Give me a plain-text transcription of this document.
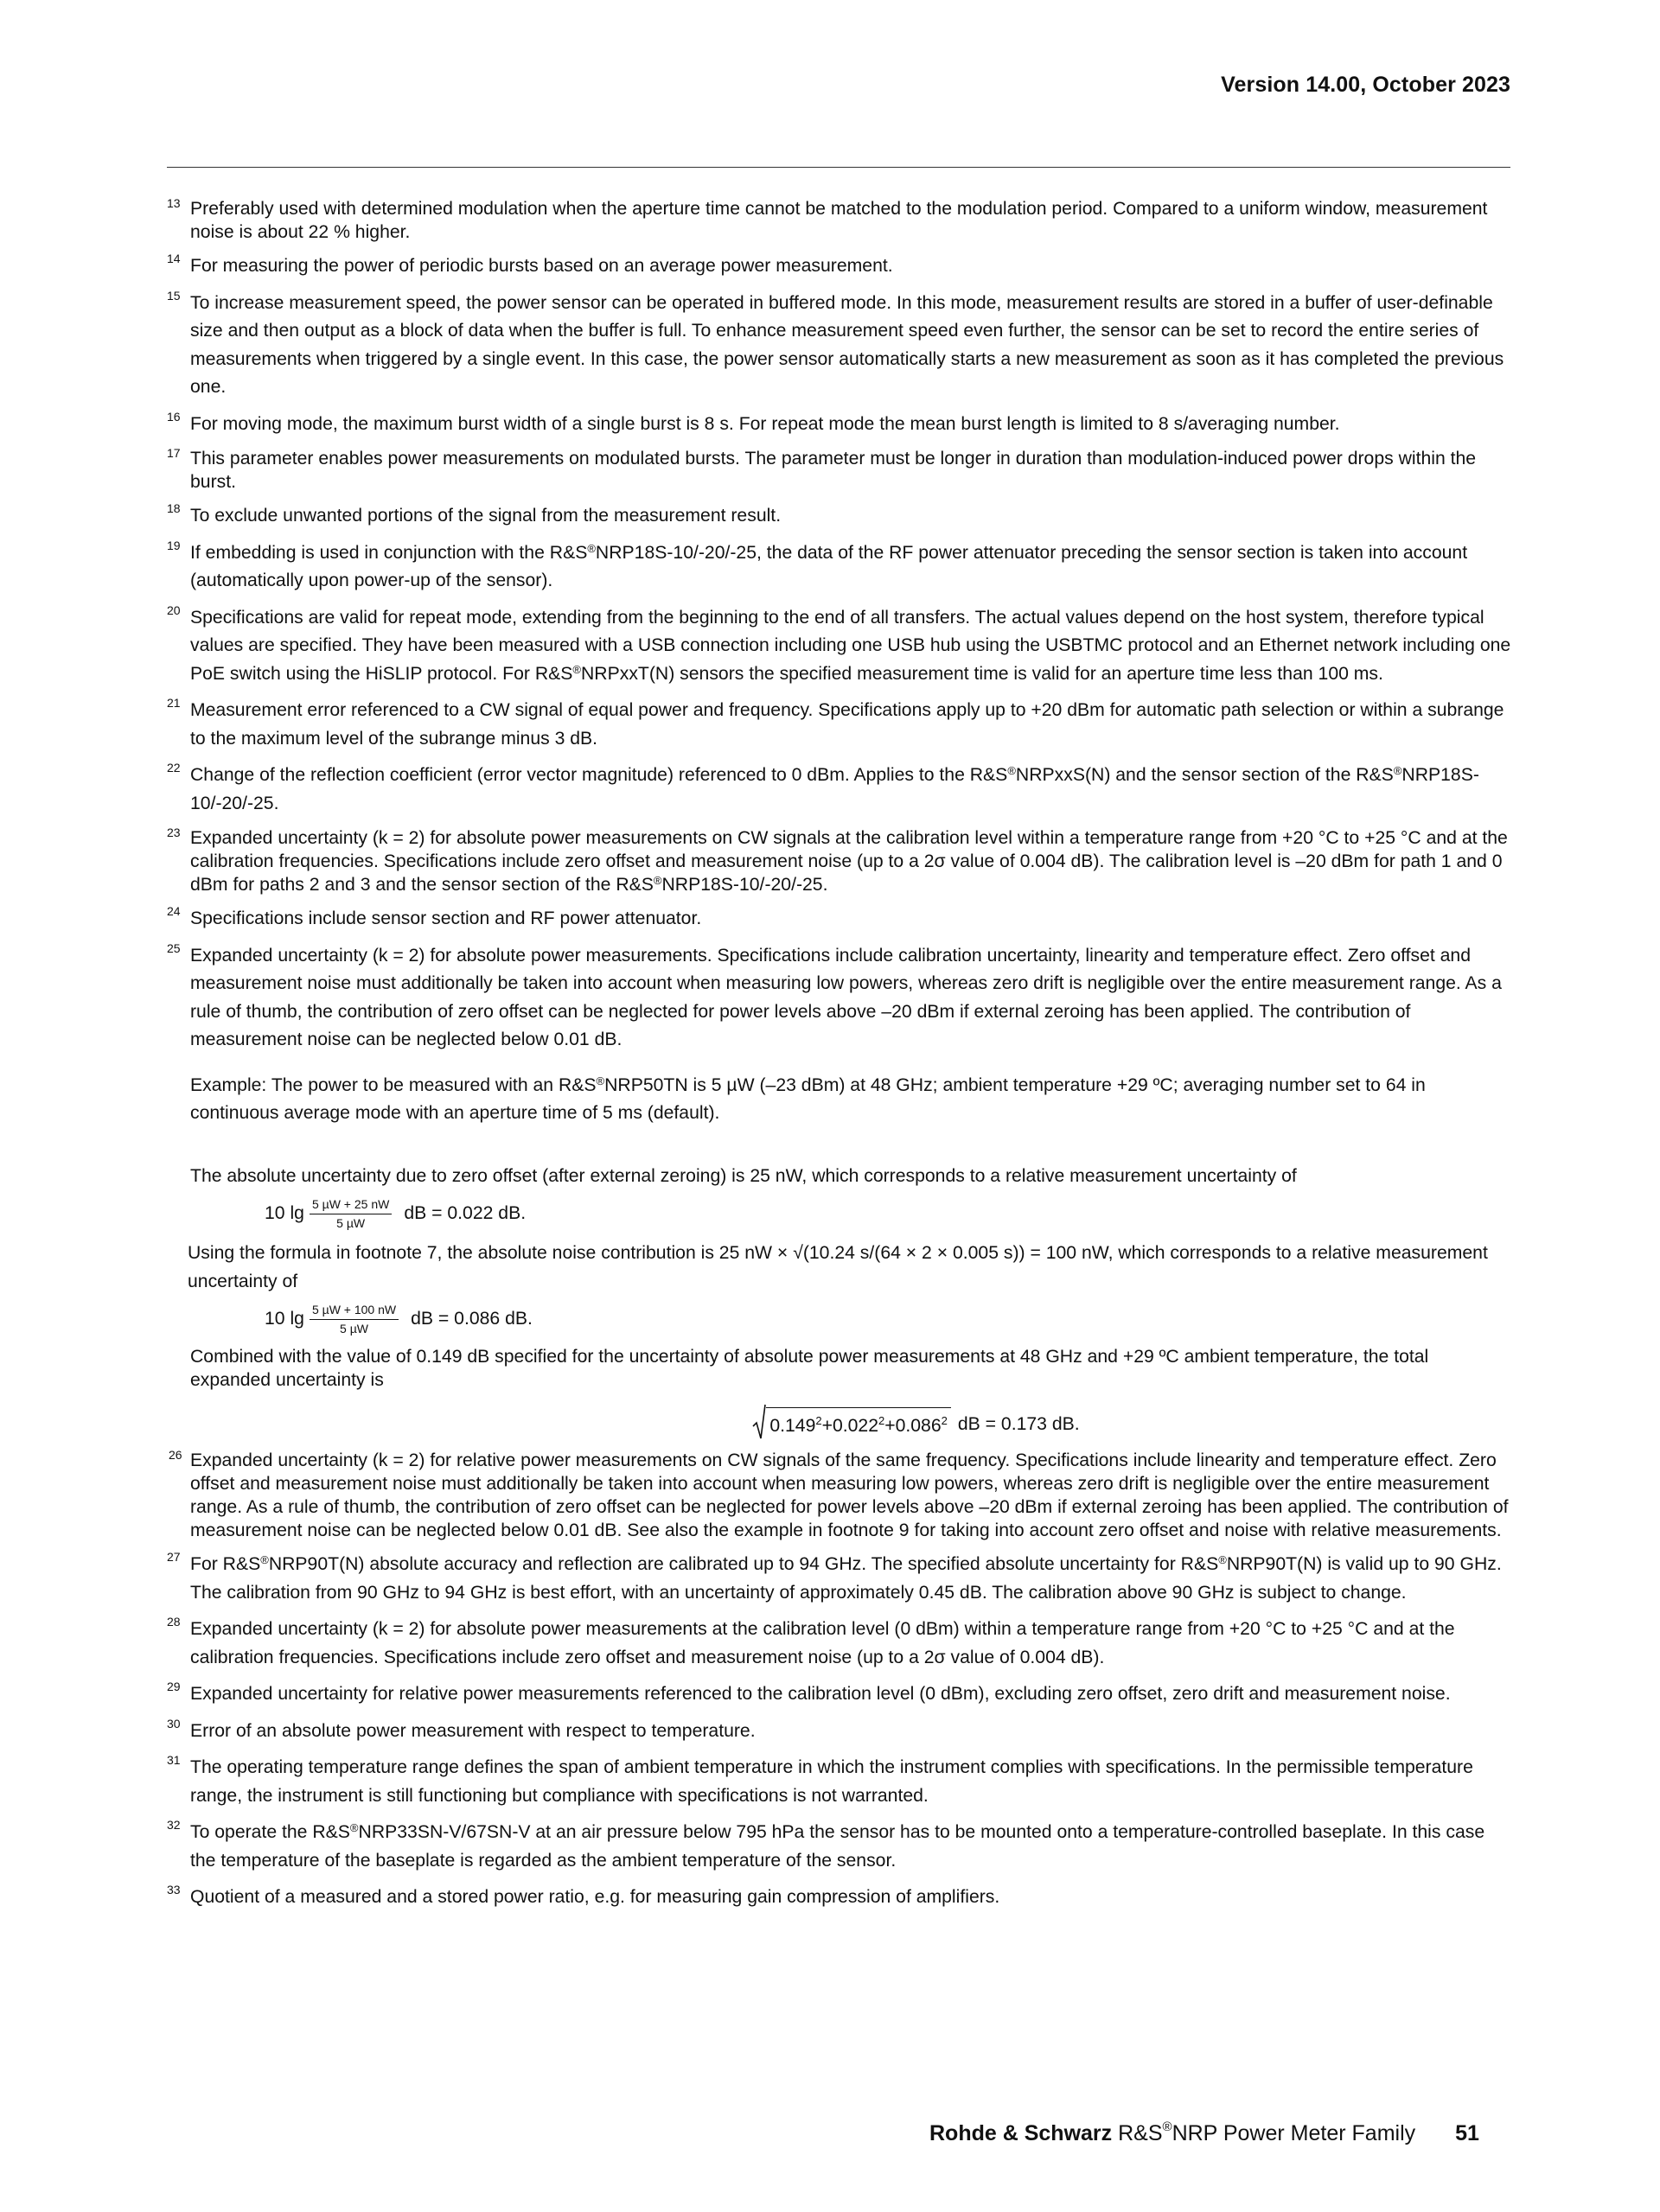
Version 14.00, October 2023
13 Preferably used with determined modulation when the aperture time cannot be matched to the modulation period. Compared to a uniform window, measurement noise is about 22 % higher.
14 For measuring the power of periodic bursts based on an average power measurement.
15 To increase measurement speed, the power sensor can be operated in buffered mode. In this mode, measurement results are stored in a buffer of user-definable size and then output as a block of data when the buffer is full. To enhance measurement speed even further, the sensor can be set to record the entire series of measurements when triggered by a single event. In this case, the power sensor automatically starts a new measurement as soon as it has completed the previous one.
16 For moving mode, the maximum burst width of a single burst is 8 s. For repeat mode the mean burst length is limited to 8 s/averaging number.
17 This parameter enables power measurements on modulated bursts. The parameter must be longer in duration than modulation-induced power drops within the burst.
18 To exclude unwanted portions of the signal from the measurement result.
19 If embedding is used in conjunction with the R&S®NRP18S-10/-20/-25, the data of the RF power attenuator preceding the sensor section is taken into account (automatically upon power-up of the sensor).
20 Specifications are valid for repeat mode, extending from the beginning to the end of all transfers. The actual values depend on the host system, therefore typical values are specified. They have been measured with a USB connection including one USB hub using the USBTMC protocol and an Ethernet network including one PoE switch using the HiSLIP protocol. For R&S®NRPxxT(N) sensors the specified measurement time is valid for an aperture time less than 100 ms.
21 Measurement error referenced to a CW signal of equal power and frequency. Specifications apply up to +20 dBm for automatic path selection or within a subrange to the maximum level of the subrange minus 3 dB.
22 Change of the reflection coefficient (error vector magnitude) referenced to 0 dBm. Applies to the R&S®NRPxxS(N) and the sensor section of the R&S®NRP18S-10/-20/-25.
23 Expanded uncertainty (k = 2) for absolute power measurements on CW signals at the calibration level within a temperature range from +20 °C to +25 °C and at the calibration frequencies. Specifications include zero offset and measurement noise (up to a 2σ value of 0.004 dB). The calibration level is –20 dBm for path 1 and 0 dBm for paths 2 and 3 and the sensor section of the R&S®NRP18S-10/-20/-25.
24 Specifications include sensor section and RF power attenuator.
25 Expanded uncertainty (k = 2) for absolute power measurements. Specifications include calibration uncertainty, linearity and temperature effect. Zero offset and measurement noise must additionally be taken into account when measuring low powers, whereas zero drift is negligible over the entire measurement range. As a rule of thumb, the contribution of zero offset can be neglected for power levels above –20 dBm if external zeroing has been applied. The contribution of measurement noise can be neglected below 0.01 dB.

Example: The power to be measured with an R&S®NRP50TN is 5 µW (–23 dBm) at 48 GHz; ambient temperature +29 ºC; averaging number set to 64 in continuous average mode with an aperture time of 5 ms (default).

The absolute uncertainty due to zero offset (after external zeroing) is 25 nW, which corresponds to a relative measurement uncertainty of

10 $\lg \frac{\text{5 µW + 25 nW}}{\text{5 µW}}$ dB = 0.022 dB.

Using the formula in footnote 7, the absolute noise contribution is 25 nW × √(10.24 s/(64 × 2 × 0.005 s)) = 100 nW, which corresponds to a relative measurement uncertainty of

10 $\lg \frac{\text{5 µW + 100 nW}}{\text{5 µW}}$ dB = 0.086 dB.

Combined with the value of 0.149 dB specified for the uncertainty of absolute power measurements at 48 GHz and +29 ºC ambient temperature, the total expanded uncertainty is

$0.149^2+0.022^2+0.086^2$ dB = 0.173 dB.
26 Expanded uncertainty (k = 2) for relative power measurements on CW signals of the same frequency. Specifications include linearity and temperature effect. Zero offset and measurement noise must additionally be taken into account when measuring low powers, whereas zero drift is negligible over the entire measurement range. As a rule of thumb, the contribution of zero offset can be neglected for power levels above –20 dBm if external zeroing has been applied. The contribution of measurement noise can be neglected below 0.01 dB. See also the example in footnote 9 for taking into account zero offset and noise with relative measurements.
27 For R&S®NRP90T(N) absolute accuracy and reflection are calibrated up to 94 GHz. The specified absolute uncertainty for R&S®NRP90T(N) is valid up to 90 GHz. The calibration from 90 GHz to 94 GHz is best effort, with an uncertainty of approximately 0.45 dB. The calibration above 90 GHz is subject to change.
28 Expanded uncertainty (k = 2) for absolute power measurements at the calibration level (0 dBm) within a temperature range from +20 °C to +25 °C and at the calibration frequencies. Specifications include zero offset and measurement noise (up to a 2σ value of 0.004 dB).
29 Expanded uncertainty for relative power measurements referenced to the calibration level (0 dBm), excluding zero offset, zero drift and measurement noise.
30 Error of an absolute power measurement with respect to temperature.
31 The operating temperature range defines the span of ambient temperature in which the instrument complies with specifications. In the permissible temperature range, the instrument is still functioning but compliance with specifications is not warranted.
32 To operate the R&S®NRP33SN-V/67SN-V at an air pressure below 795 hPa the sensor has to be mounted onto a temperature-controlled baseplate. In this case the temperature of the baseplate is regarded as the ambient temperature of the sensor.
33 Quotient of a measured and a stored power ratio, e.g. for measuring gain compression of amplifiers.
Rohde & Schwarz R&S®NRP Power Meter Family 51
